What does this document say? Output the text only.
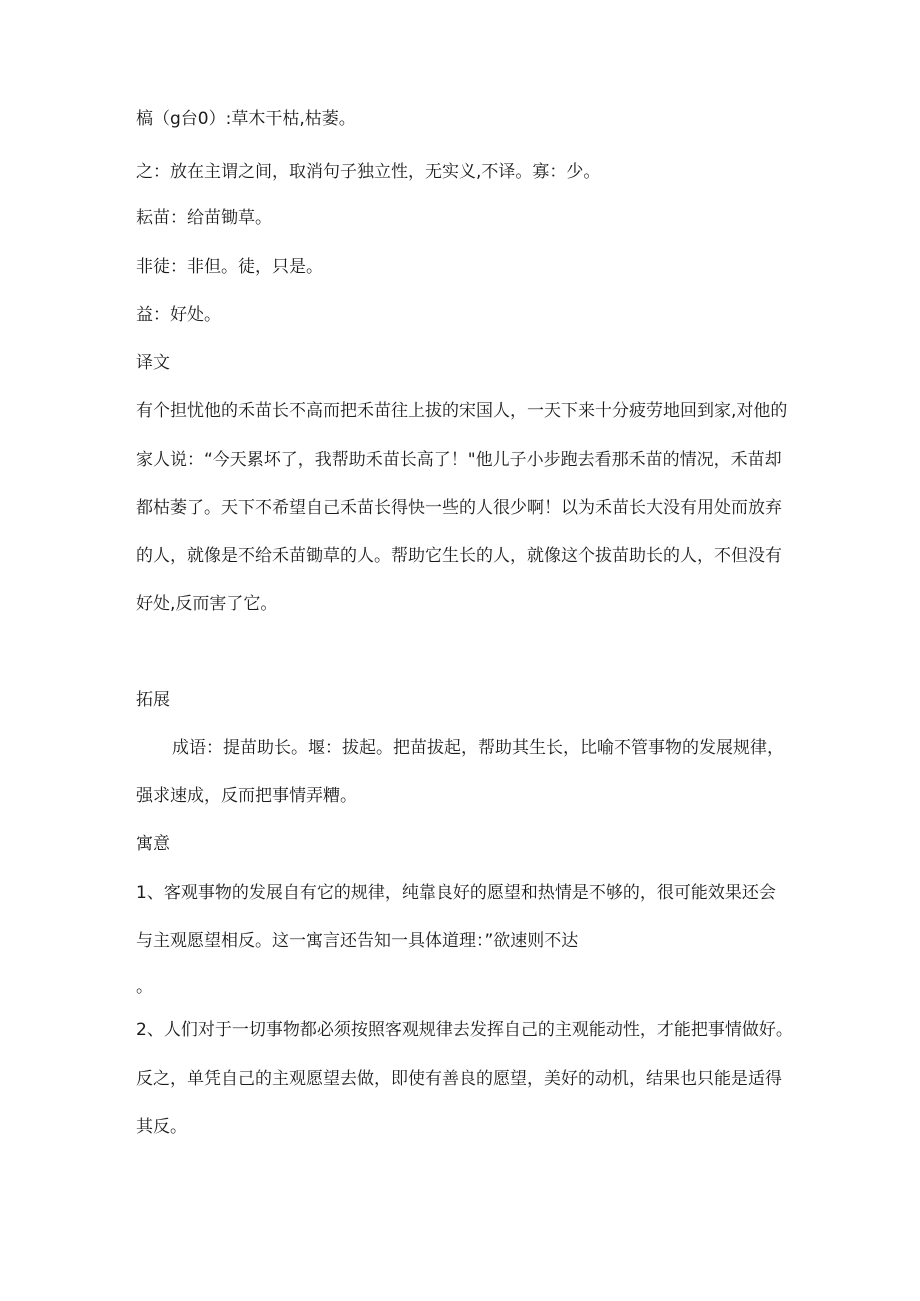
槁（g台0）:草木干枯,枯萎。
之：放在主谓之间，取消句子独立性，无实义,不译。寡：少。
耘苗：给苗锄草。
非徒：非但。徒，只是。
益：好处。
译文
有个担忧他的禾苗长不高而把禾苗往上拔的宋国人，一天下来十分疲劳地回到家,对他的
家人说：“今天累坏了，我帮助禾苗长高了！"他儿子小步跑去看那禾苗的情况，禾苗却
都枯萎了。天下不希望自己禾苗长得快一些的人很少啊！以为禾苗长大没有用处而放弃
的人，就像是不给禾苗锄草的人。帮助它生长的人，就像这个拔苗助长的人，不但没有
好处,反而害了它。
拓展
成语：提苗助长。堰：拔起。把苗拔起，帮助其生长，比喻不管事物的发展规律，
强求速成，反而把事情弄糟。
寓意
1、客观事物的发展自有它的规律，纯靠良好的愿望和热情是不够的，很可能效果还会
与主观愿望相反。这一寓言还告知一具体道理：”欲速则不达
。
2、人们对于一切事物都必须按照客观规律去发挥自己的主观能动性，才能把事情做好。
反之，单凭自己的主观愿望去做，即使有善良的愿望，美好的动机，结果也只能是适得
其反。
